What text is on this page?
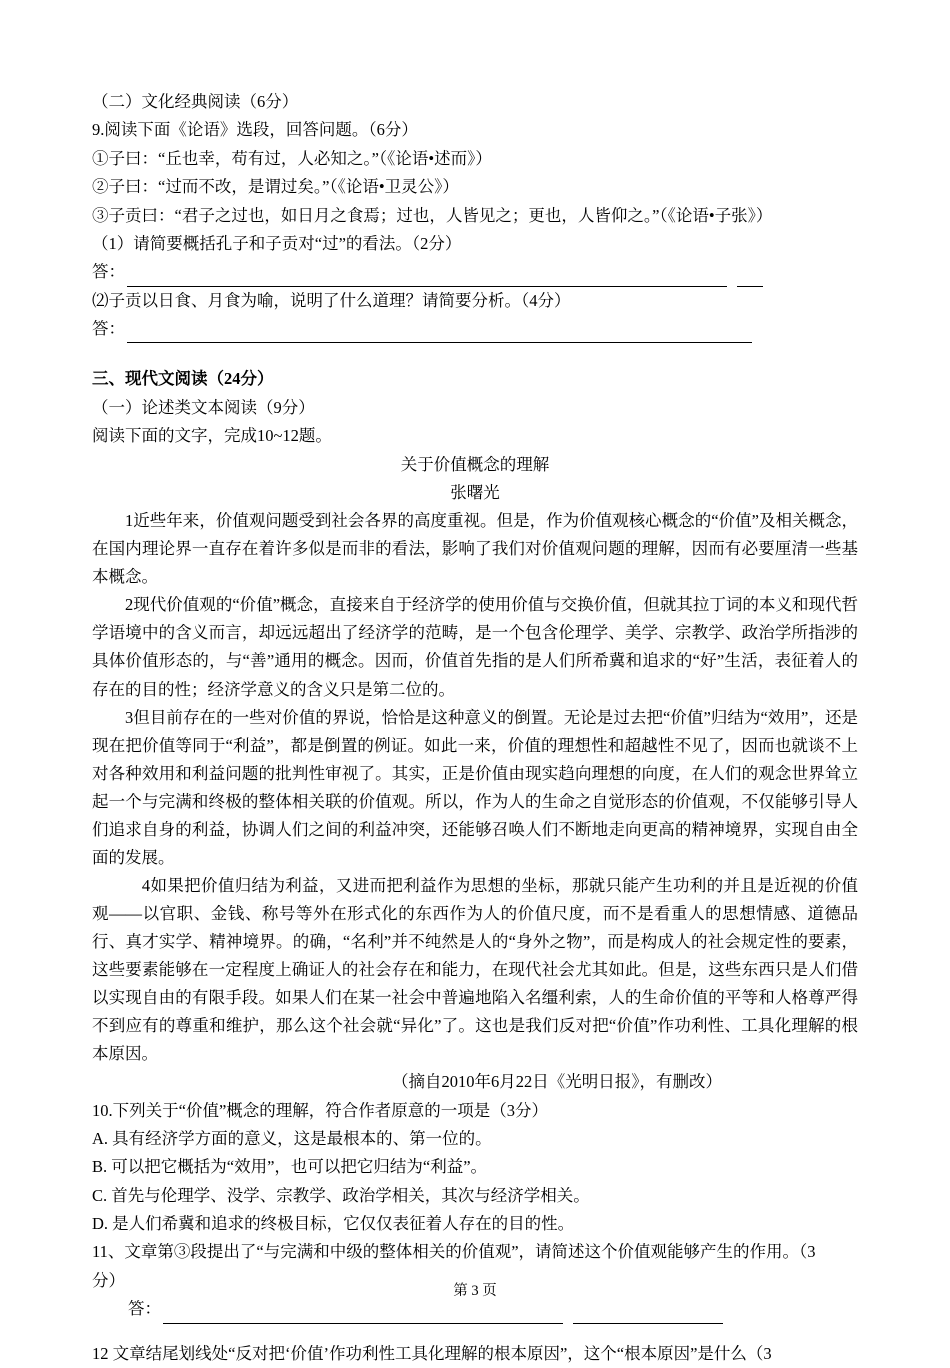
（二）文化经典阅读（6分）
9.阅读下面《论语》选段，回答问题。（6分）
①子曰：“丘也幸，苟有过，人必知之。”（《论语•述而》）
②子曰：“过而不改，是谓过矣。”（《论语•卫灵公》）
③子贡曰：“君子之过也，如日月之食焉；过也，人皆见之；更也，人皆仰之。”（《论语•子张》）
（1）请简要概括孔子和子贡对“过”的看法。（2分）
答：
⑵子贡以日食、月食为喻，说明了什么道理？请简要分析。（4分）
答：
三、现代文阅读（24分）
（一）论述类文本阅读（9分）
阅读下面的文字，完成10~12题。
关于价值概念的理解
张曙光

1近些年来，价值观问题受到社会各界的高度重视。但是，作为价值观核心概念的“价值”及相关概念，在国内理论界一直存在着许多似是而非的看法，影响了我们对价值观问题的理解，因而有必要厘清一些基本概念。

2现代价值观的“价值”概念，直接来自于经济学的使用价值与交换价值，但就其拉丁词的本义和现代哲学语境中的含义而言，却远远超出了经济学的范畴，是一个包含伦理学、美学、宗教学、政治学所指涉的具体价值形态的，与“善”通用的概念。因而，价值首先指的是人们所希冀和追求的“好”生活，表征着人的存在的目的性；经济学意义的含义只是第二位的。

3但目前存在的一些对价值的界说，恰恰是这种意义的倒置。无论是过去把“价值”归结为“效用”，还是现在把价值等同于“利益”，都是倒置的例证。如此一来，价值的理想性和超越性不见了，因而也就谈不上对各种效用和利益问题的批判性审视了。其实，正是价值由现实趋向理想的向度，在人们的观念世界耸立起一个与完满和终极的整体相关联的价值观。所以，作为人的生命之自觉形态的价值观，不仅能够引导人们追求自身的利益，协调人们之间的利益冲突，还能够召唤人们不断地走向更高的精神境界，实现自由全面的发展。

　4如果把价值归结为利益，又进而把利益作为思想的坐标，那就只能产生功利的并且是近视的价值观——以官职、金钱、称号等外在形式化的东西作为人的价值尺度，而不是看重人的思想情感、道德品行、真才实学、精神境界。的确，“名利”并不纯然是人的“身外之物”，而是构成人的社会规定性的要素，这些要素能够在一定程度上确证人的社会存在和能力，在现代社会尤其如此。但是，这些东西只是人们借以实现自由的有限手段。如果人们在某一社会中普遍地陷入名缰利索，人的生命价值的平等和人格尊严得不到应有的尊重和维护，那么这个社会就“异化”了。这也是我们反对把“价值”作功利性、工具化理解的根本原因。

（摘自2010年6月22日《光明日报》，有删改）
10.下列关于“价值”概念的理解，符合作者原意的一项是（3分）
A. 具有经济学方面的意义，这是最根本的、第一位的。
B. 可以把它概括为“效用”，也可以把它归结为“利益”。
C. 首先与伦理学、没学、宗教学、政治学相关，其次与经济学相关。
D. 是人们希冀和追求的终极目标，它仅仅表征着人存在的目的性。
11、文章第③段提出了“与完满和中级的整体相关的价值观”，请简述这个价值观能够产生的作用。（3
分）
答：
12 文章结尾划线处“反对把‘价值’作功利性工具化理解的根本原因”，这个“根本原因”是什么（3
第 3 页
